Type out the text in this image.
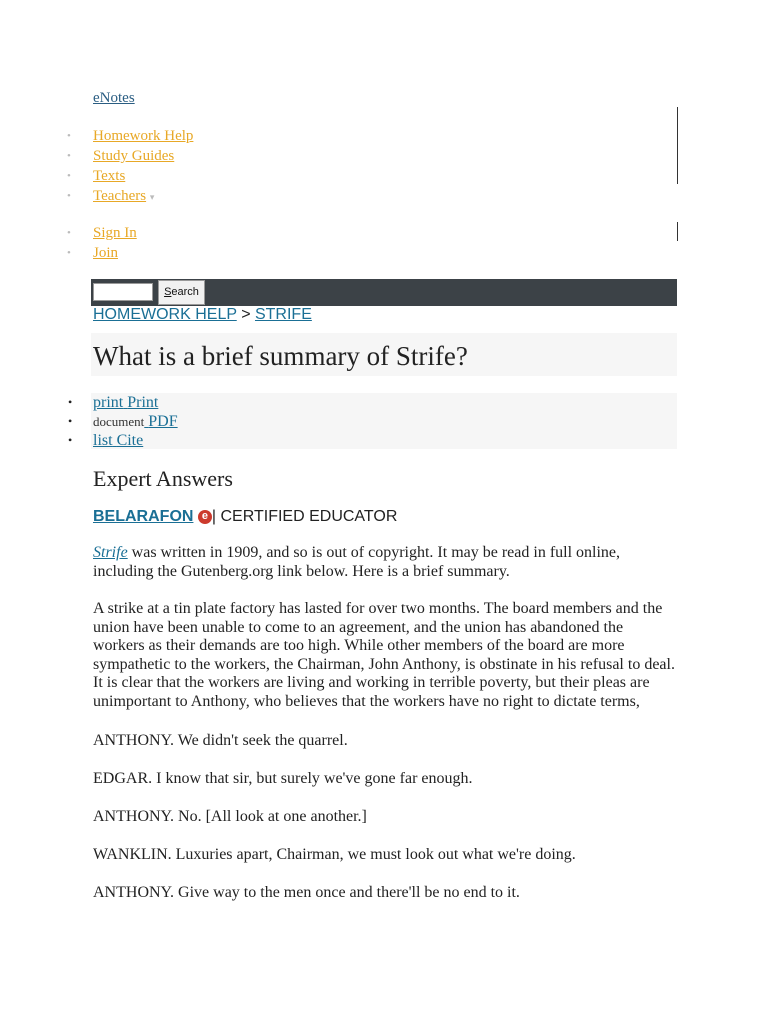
eNotes
• Homework Help
• Study Guides
• Texts
• Teachers ▾
• Sign In
• Join
Search
HOMEWORK HELP > STRIFE
What is a brief summary of Strife?
• print Print
• document PDF
• list Cite
Expert Answers
BELARAFON e | CERTIFIED EDUCATOR

Strife was written in 1909, and so is out of copyright. It may be read in full online, including the Gutenberg.org link below. Here is a brief summary.

A strike at a tin plate factory has lasted for over two months. The board members and the union have been unable to come to an agreement, and the union has abandoned the workers as their demands are too high. While other members of the board are more sympathetic to the workers, the Chairman, John Anthony, is obstinate in his refusal to deal. It is clear that the workers are living and working in terrible poverty, but their pleas are unimportant to Anthony, who believes that the workers have no right to dictate terms,

ANTHONY. We didn't seek the quarrel.

EDGAR. I know that sir, but surely we've gone far enough.

ANTHONY. No. [All look at one another.]

WANKLIN. Luxuries apart, Chairman, we must look out what we're doing.

ANTHONY. Give way to the men once and there'll be no end to it.
